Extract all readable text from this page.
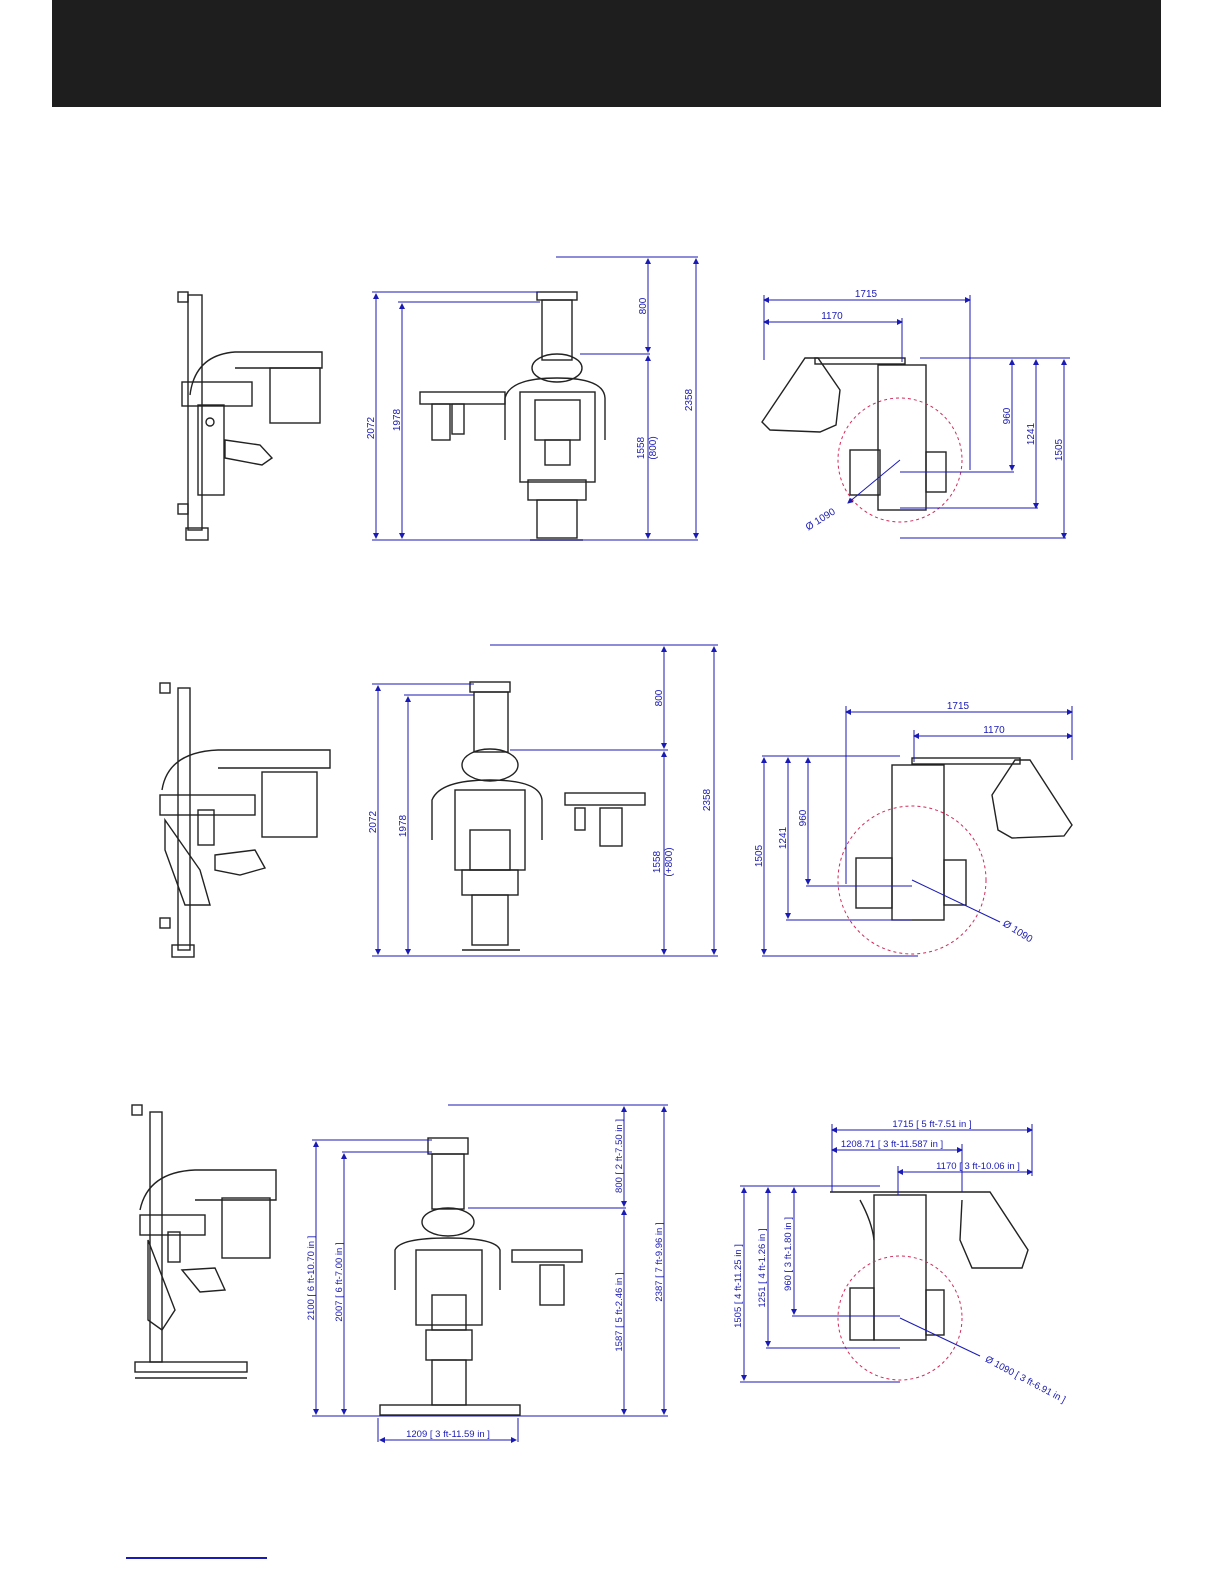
2072 1978
800
1558 (800)
2358
1715
1170
960
1241
1505
Ø 1090
2072 1978
800
1558 (+800)
2358
1715
1170
960
1241
1505
Ø 1090
2100 [ 6 ft-10.70 in ] 2007 [ 6 ft-7.00 in ]
800 [ 2 ft-7.50 in ]
1587 [ 5 ft-2.46 in ]
2387 [ 7 ft-9.96 in ]
1209 [ 3 ft-11.59 in ]
1715 [ 5 ft-7.51 in ]
1208.71 [ 3 ft-11.587 in ]
1170 [ 3 ft-10.06 in ]
960 [ 3 ft-1.80 in ]
1251 [ 4 ft-1.26 in ]
1505 [ 4 ft-11.25 in ]
Ø 1090 [ 3 ft-6.91 in ]
